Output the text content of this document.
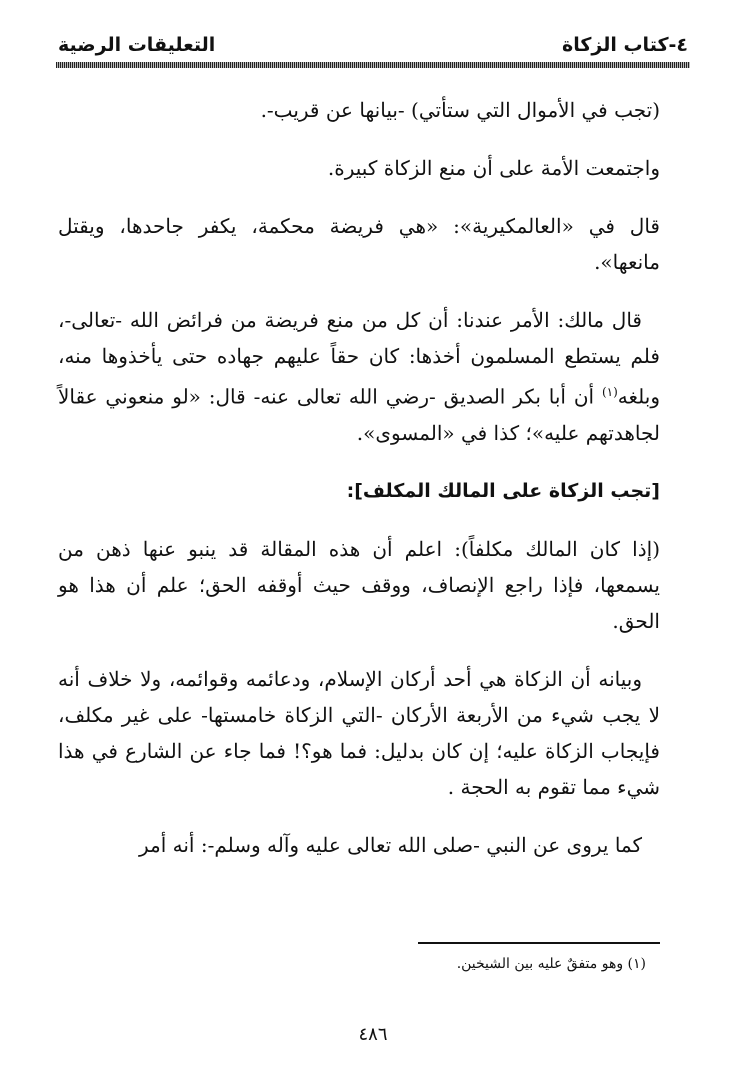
٤-كتاب الزكاة
التعليقات الرضية

(تجب في الأموال التي ستأتي) -بيانها عن قريب-.

واجتمعت الأمة على أن منع الزكاة كبيرة.

قال في «العالمكيرية»: «هي فريضة محكمة، يكفر جاحدها، ويقتل مانعها».

قال مالك: الأمر عندنا: أن كل من منع فريضة من فرائض الله -تعالى-، فلم يستطع المسلمون أخذها: كان حقاً عليهم جهاده حتى يأخذوها منه، وبلغه$^{(١)}$ أن أبا بكر الصديق -رضي الله تعالى عنه- قال: «لو منعوني عقالاً لجاهدتهم عليه»؛ كذا في «المسوى».

[تجب الزكاة على المالك المكلف]:

(إذا كان المالك مكلفاً): اعلم أن هذه المقالة قد ينبو عنها ذهن من يسمعها، فإذا راجع الإنصاف، ووقف حيث أوقفه الحق؛ علم أن هذا هو الحق.

وبيانه أن الزكاة هي أحد أركان الإسلام، ودعائمه وقوائمه، ولا خلاف أنه لا يجب شيء من الأربعة الأركان -التي الزكاة خامستها- على غير مكلف، فإيجاب الزكاة عليه؛ إن كان بدليل: فما هو؟! فما جاء عن الشارع في هذا شيء مما تقوم به الحجة .

كما يروى عن النبي -صلى الله تعالى عليه وآله وسلم-: أنه أمر

(١) وهو متفقٌ عليه بين الشيخين.
٤٨٦
